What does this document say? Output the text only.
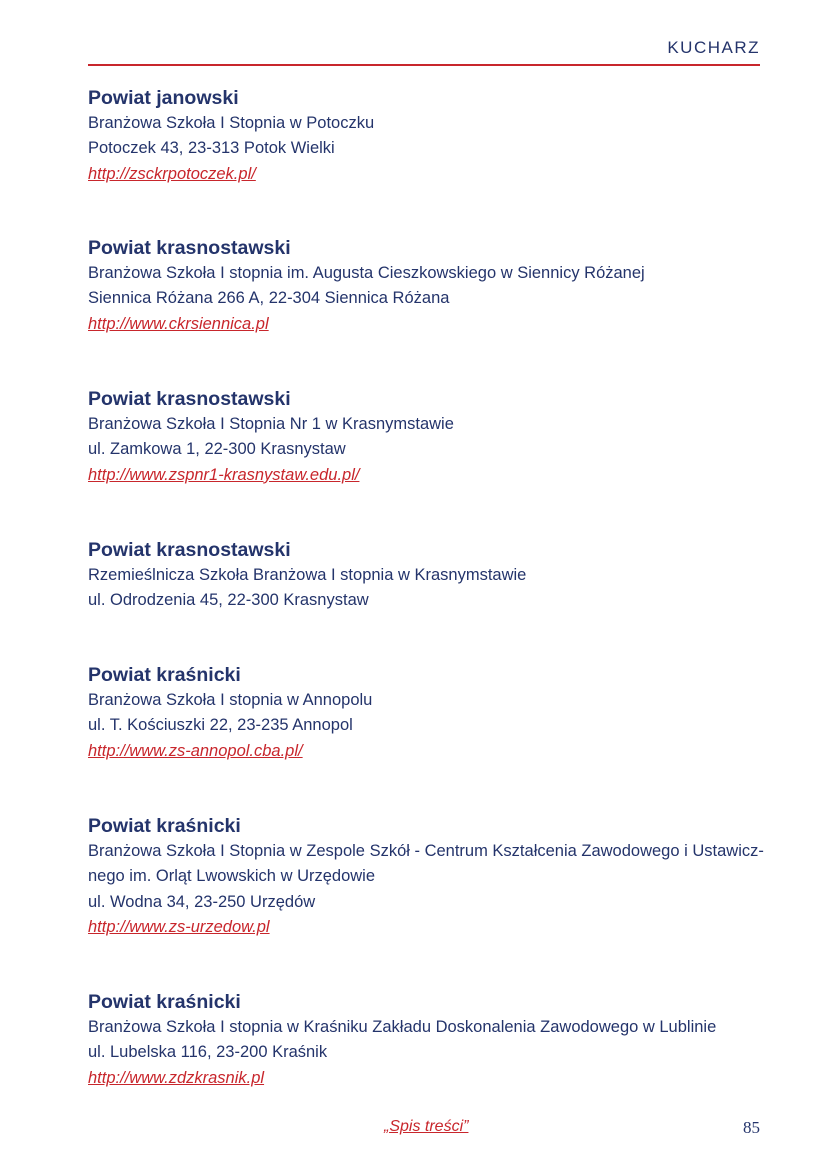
KUCHARZ
Powiat janowski
Branżowa Szkoła I Stopnia w Potoczku
Potoczek 43, 23-313 Potok Wielki
http://zsckrpotoczek.pl/
Powiat krasnostawski
Branżowa Szkoła I stopnia im. Augusta Cieszkowskiego w Siennicy Różanej
Siennica Różana 266 A, 22-304 Siennica Różana
http://www.ckrsiennica.pl
Powiat krasnostawski
Branżowa Szkoła I Stopnia Nr 1 w Krasnymstawie
ul. Zamkowa 1, 22-300 Krasnystaw
http://www.zspnr1-krasnystaw.edu.pl/
Powiat krasnostawski
Rzemieślnicza Szkoła Branżowa I stopnia w Krasnymstawie
ul. Odrodzenia 45, 22-300 Krasnystaw
Powiat kraśnicki
Branżowa Szkoła I stopnia w Annopolu
ul. T. Kościuszki 22, 23-235 Annopol
http://www.zs-annopol.cba.pl/
Powiat kraśnicki
Branżowa Szkoła I Stopnia w Zespole Szkół - Centrum Kształcenia Zawodowego i Ustawicz-
nego im. Orląt Lwowskich w Urzędowie
ul. Wodna 34, 23-250 Urzędów
http://www.zs-urzedow.pl
Powiat kraśnicki
Branżowa Szkoła I stopnia w Kraśniku Zakładu Doskonalenia Zawodowego w Lublinie
ul. Lubelska 116, 23-200 Kraśnik
http://www.zdzkrasnik.pl
„Spis treści”	85
